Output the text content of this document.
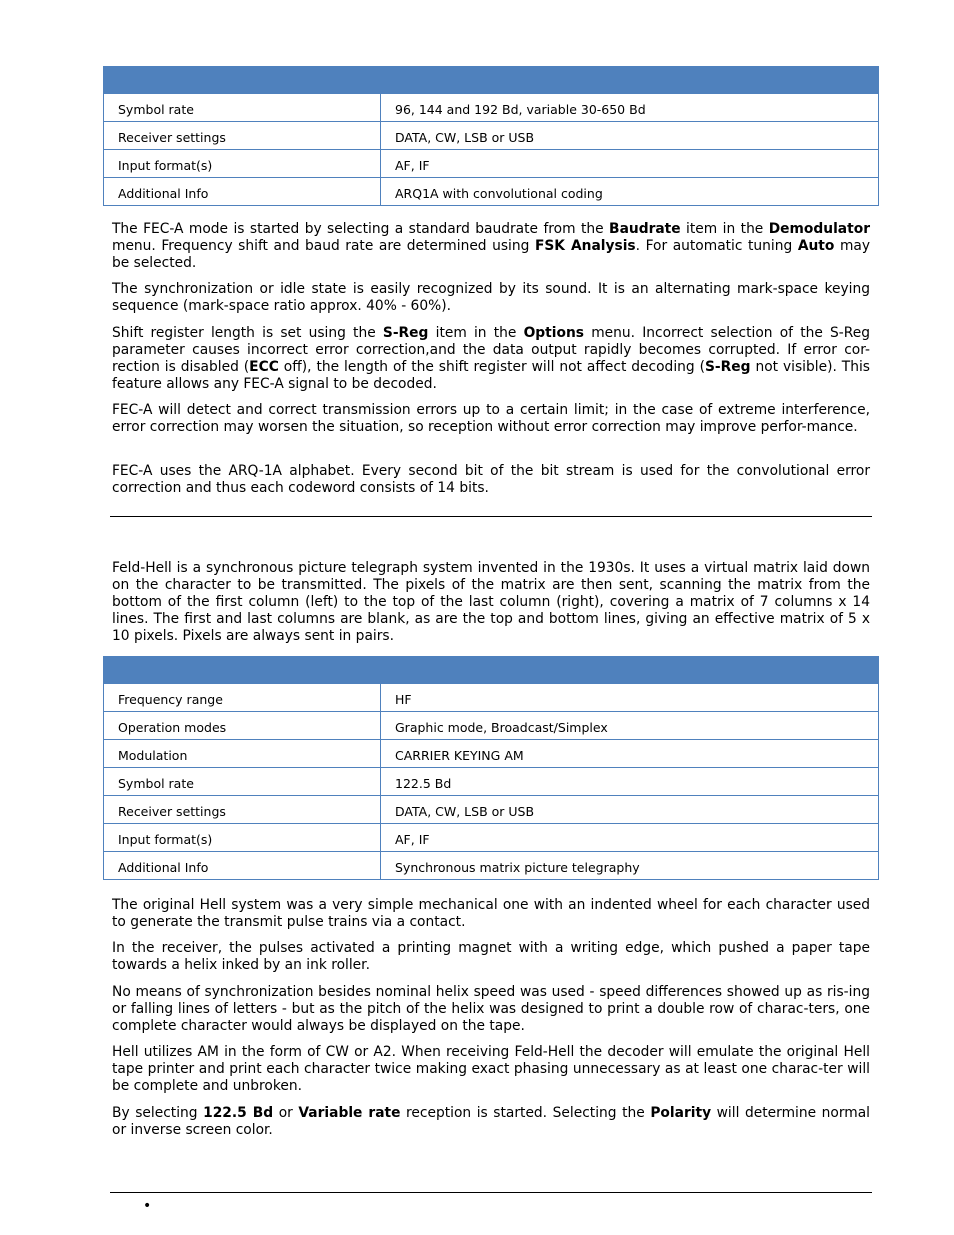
Symbol rate	96, 144 and 192 Bd, variable 30-650 Bd
Receiver settings	DATA, CW, LSB or USB
Input format(s)	AF, IF
Additional Info	ARQ1A with convolutional coding

The FEC-A mode is started by selecting a standard baudrate from the Baudrate item in the Demodulator menu. Frequency shift and baud rate are determined using FSK Analysis. For automatic tuning Auto may be selected.

The synchronization or idle state is easily recognized by its sound. It is an alternating mark-space keying sequence (mark-space ratio approx. 40% - 60%).

Shift register length is set using the S-Reg item in the Options menu. Incorrect selection of the S-Reg parameter causes incorrect error correction,and the data output rapidly becomes corrupted. If error cor-rection is disabled (ECC off), the length of the shift register will not affect decoding (S-Reg not visible). This feature allows any FEC-A signal to be decoded.

FEC-A will detect and correct transmission errors up to a certain limit; in the case of extreme interference, error correction may worsen the situation, so reception without error correction may improve perfor-mance.

FEC-A uses the ARQ-1A alphabet. Every second bit of the bit stream is used for the convolutional error correction and thus each codeword consists of 14 bits.

Feld-Hell is a synchronous picture telegraph system invented in the 1930s. It uses a virtual matrix laid down on the character to be transmitted. The pixels of the matrix are then sent, scanning the matrix from the bottom of the first column (left) to the top of the last column (right), covering a matrix of 7 columns x 14 lines. The first and last columns are blank, as are the top and bottom lines, giving an effective matrix of 5 x 10 pixels. Pixels are always sent in pairs.

Frequency range	HF
Operation modes	Graphic mode, Broadcast/Simplex
Modulation	CARRIER KEYING AM
Symbol rate	122.5 Bd
Receiver settings	DATA, CW, LSB or USB
Input format(s)	AF, IF
Additional Info	Synchronous matrix picture telegraphy

The original Hell system was a very simple mechanical one with an indented wheel for each character used to generate the transmit pulse trains via a contact.

In the receiver, the pulses activated a printing magnet with a writing edge, which pushed a paper tape towards a helix inked by an ink roller.

No means of synchronization besides nominal helix speed was used - speed differences showed up as ris-ing or falling lines of letters - but as the pitch of the helix was designed to print a double row of charac-ters, one complete character would always be displayed on the tape.

Hell utilizes AM in the form of CW or A2. When receiving Feld-Hell the decoder will emulate the original Hell tape printer and print each character twice making exact phasing unnecessary as at least one charac-ter will be complete and unbroken.

By selecting 122.5 Bd or Variable rate reception is started. Selecting the Polarity will determine normal or inverse screen color.

•
